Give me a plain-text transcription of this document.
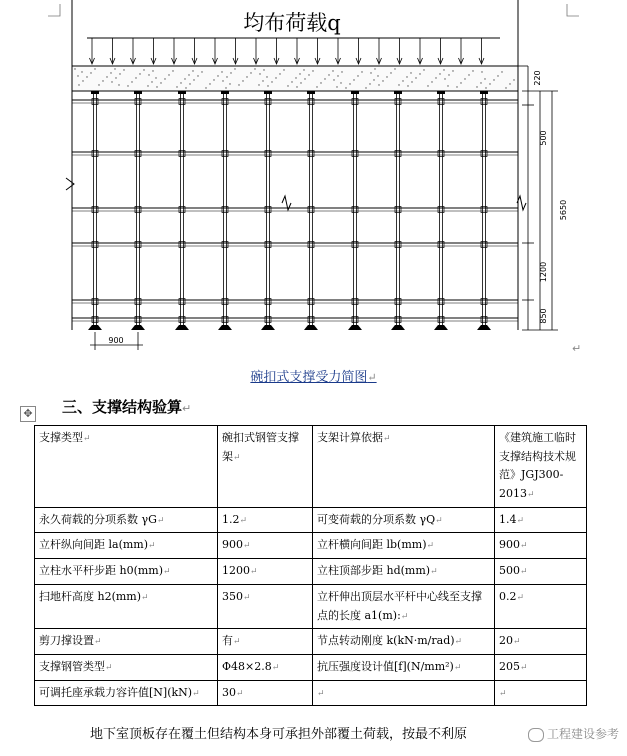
均布荷载q
220
500
5650
1200
850
900
↵
碗扣式支撑受力简图↵
✥ 三、支撑结构验算↵
支撑类型↵	碗扣式钢管支撑架↵	支架计算依据↵	《建筑施工临时支撑结构技术规范》JGJ300-2013↵
永久荷载的分项系数 γG↵	1.2↵	可变荷载的分项系数 γQ↵	1.4↵
立杆纵向间距 la(mm)↵	900↵	立杆横向间距 lb(mm)↵	900↵
立柱水平杆步距 h0(mm)↵	1200↵	立柱顶部步距 hd(mm)↵	500↵
扫地杆高度 h2(mm)↵	350↵	立杆伸出顶层水平杆中心线至支撑点的长度 a1(m):↵	0.2↵
剪刀撑设置↵	有↵	节点转动刚度 k(kN·m/rad)↵	20↵
支撑钢管类型↵	Φ48×2.8↵	抗压强度设计值[f](N/mm²)↵	205↵
可调托座承载力容许值[N](kN)↵	30↵	↵	↵
地下室顶板存在覆土但结构本身可承担外部覆土荷载，按最不利原	工程建设参考
